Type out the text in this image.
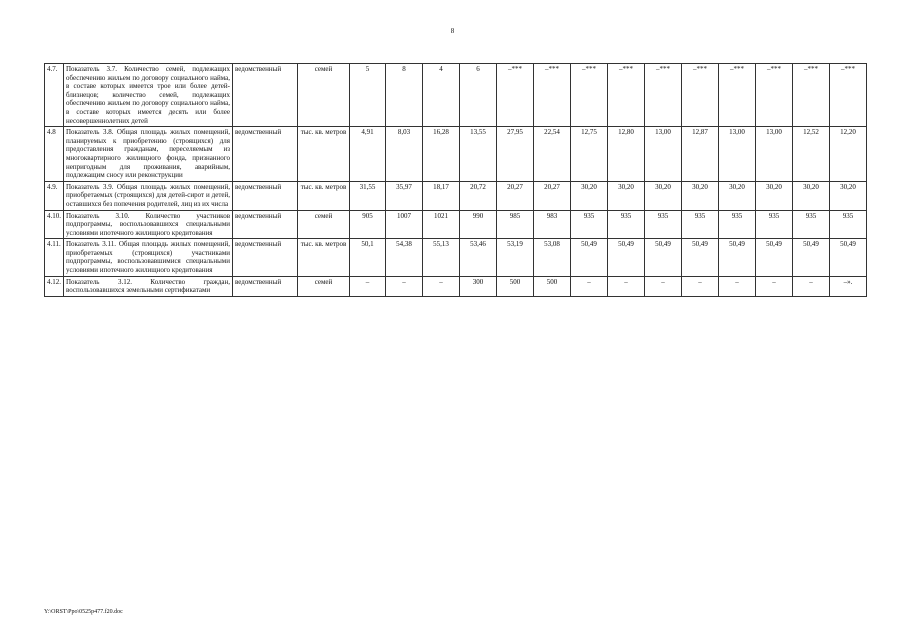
8
4.7.	Показатель 3.7. Количество семей, подлежащих обеспечению жильем по договору социального найма, в составе которых имеется трое или более детей-близнецов; количество семей, подлежащих обеспечению жильем по договору социального найма, в составе которых имеется десять или более несовершеннолетних детей	ведомственный	семей	5	8	4	6	–***	–***	–***	–***	–***	–***	–***	–***	–***	–***
4.8	Показатель 3.8. Общая площадь жилых помещений, планируемых к приобретению (строящихся) для предоставления гражданам, переселяемым из многоквартирного жилищного фонда, признанного непригодным для проживания, аварийным, подлежащим сносу или реконструкции	ведомственный	тыс. кв. метров	4,91	8,03	16,28	13,55	27,95	22,54	12,75	12,80	13,00	12,87	13,00	13,00	12,52	12,20
4.9.	Показатель 3.9. Общая площадь жилых помещений, приобретаемых (строящихся) для детей-сирот и детей, оставшихся без попечения родителей, лиц из их числа	ведомственный	тыс. кв. метров	31,55	35,97	18,17	20,72	20,27	20,27	30,20	30,20	30,20	30,20	30,20	30,20	30,20	30,20
4.10.	Показатель 3.10. Количество участников подпрограммы, воспользовавшихся специальными условиями ипотечного жилищного кредитования	ведомственный	семей	905	1007	1021	990	985	983	935	935	935	935	935	935	935	935
4.11.	Показатель 3.11. Общая площадь жилых помещений, приобретаемых (строящихся) участниками подпрограммы, воспользовавшимися специальными условиями ипотечного жилищного кредитования	ведомственный	тыс. кв. метров	50,1	54,38	55,13	53,46	53,19	53,08	50,49	50,49	50,49	50,49	50,49	50,49	50,49	50,49
4.12.	Показатель 3.12. Количество граждан, воспользовавшихся земельными сертификатами	ведомственный	семей	–	–	–	300	500	500	–	–	–	–	–	–	–	–».
Y:\ORST\Ppo\0525p477.f20.doc
